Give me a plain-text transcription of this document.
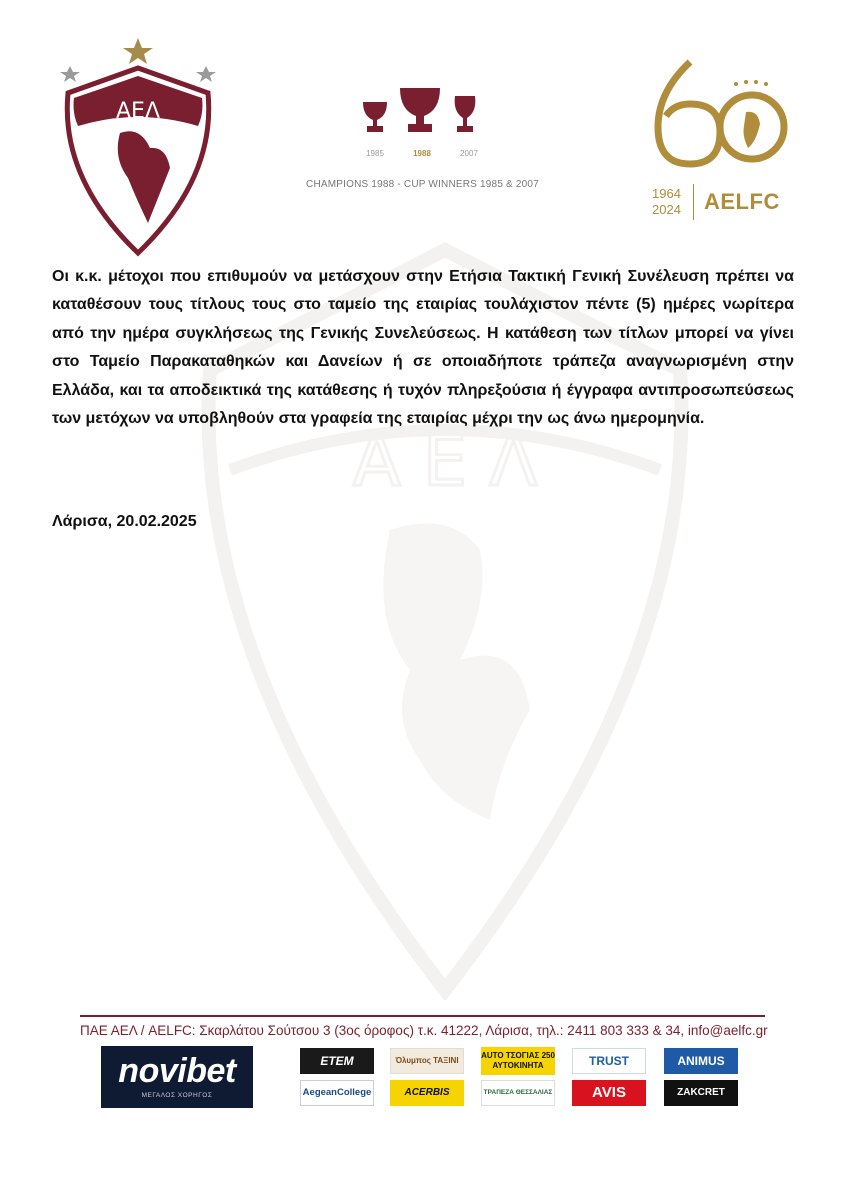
Α Ε Λ
ΑΕΛ
1985	1988	2007
CHAMPIONS 1988 - CUP WINNERS 1985 & 2007
1964
2024 AELFC
Οι κ.κ. μέτοχοι που επιθυμούν να μετάσχουν στην Ετήσια Τακτική Γενική Συνέλευση πρέπει να καταθέσουν τους τίτλους τους στο ταμείο της εταιρίας τουλάχιστον πέντε (5) ημέρες νωρίτερα από την ημέρα συγκλήσεως της Γενικής Συνελεύσεως. Η κατάθεση των τίτλων μπορεί να γίνει στο Ταμείο Παρακαταθηκών και Δανείων ή σε οποιαδήποτε τράπεζα αναγνωρισμένη στην Ελλάδα, και τα αποδεικτικά της κατάθεσης ή τυχόν πληρεξούσια ή έγγραφα αντιπροσωπεύσεως των μετόχων να υποβληθούν στα γραφεία της εταιρίας μέχρι την ως άνω ημερομηνία.
Λάρισα, 20.02.2025
ΠΑΕ ΑΕΛ / AELFC: Σκαρλάτου Σούτσου 3 (3ος όροφος) τ.κ. 41222, Λάρισα, τηλ.: 2411 803 333 & 34, info@aelfc.gr
novibet
ΜΕΓΑΛΟΣ ΧΟΡΗΓΟΣ
ETEM	Όλυμπος ΤΑΞΙΝΙ
AUTO ΤΣΟΓΙΑΣ 250 ΑΥΤΟΚΙΝΗΤΑ	TRUST	ANIMUS
AegeanCollege	ACERBIS	ΤΡΑΠΕΖΑ ΘΕΣΣΑΛΙΑΣ	AVIS	ZAKCRET
